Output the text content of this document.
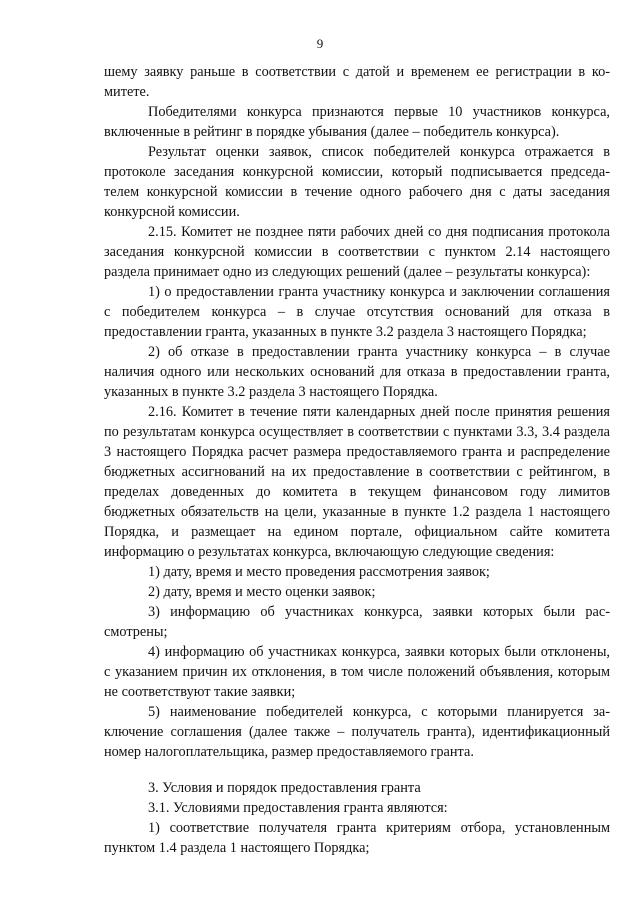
9

шему заявку раньше в соответствии с датой и временем ее регистрации в комитете.

Победителями конкурса признаются первые 10 участников конкурса, включенные в рейтинг в порядке убывания (далее – победитель конкурса).

Результат оценки заявок, список победителей конкурса отражается в протоколе заседания конкурсной комиссии, который подписывается председателем конкурсной комиссии в течение одного рабочего дня с даты заседания конкурсной комиссии.

2.15. Комитет не позднее пяти рабочих дней со дня подписания протокола заседания конкурсной комиссии в соответствии с пунктом 2.14 настоящего раздела принимает одно из следующих решений (далее – результаты конкурса):

1) о предоставлении гранта участнику конкурса и заключении соглашения с победителем конкурса – в случае отсутствия оснований для отказа в предоставлении гранта, указанных в пункте 3.2 раздела 3 настоящего Порядка;

2) об отказе в предоставлении гранта участнику конкурса – в случае наличия одного или нескольких оснований для отказа в предоставлении гранта, указанных в пункте 3.2 раздела 3 настоящего Порядка.

2.16. Комитет в течение пяти календарных дней после принятия решения по результатам конкурса осуществляет в соответствии с пунктами 3.3, 3.4 раздела 3 настоящего Порядка расчет размера предоставляемого гранта и распределение бюджетных ассигнований на их предоставление в соответствии с рейтингом, в пределах доведенных до комитета в текущем финансовом году лимитов бюджетных обязательств на цели, указанные в пункте 1.2 раздела 1 настоящего Порядка, и размещает на едином портале, официальном сайте комитета информацию о результатах конкурса, включающую следующие сведения:

1) дату, время и место проведения рассмотрения заявок;

2) дату, время и место оценки заявок;

3) информацию об участниках конкурса, заявки которых были рассмотрены;

4) информацию об участниках конкурса, заявки которых были отклонены, с указанием причин их отклонения, в том числе положений объявления, которым не соответствуют такие заявки;

5) наименование победителей конкурса, с которыми планируется заключение соглашения (далее также – получатель гранта), идентификационный номер налогоплательщика, размер предоставляемого гранта.

3. Условия и порядок предоставления гранта

3.1. Условиями предоставления гранта являются:

1) соответствие получателя гранта критериям отбора, установленным пунктом 1.4 раздела 1 настоящего Порядка;
